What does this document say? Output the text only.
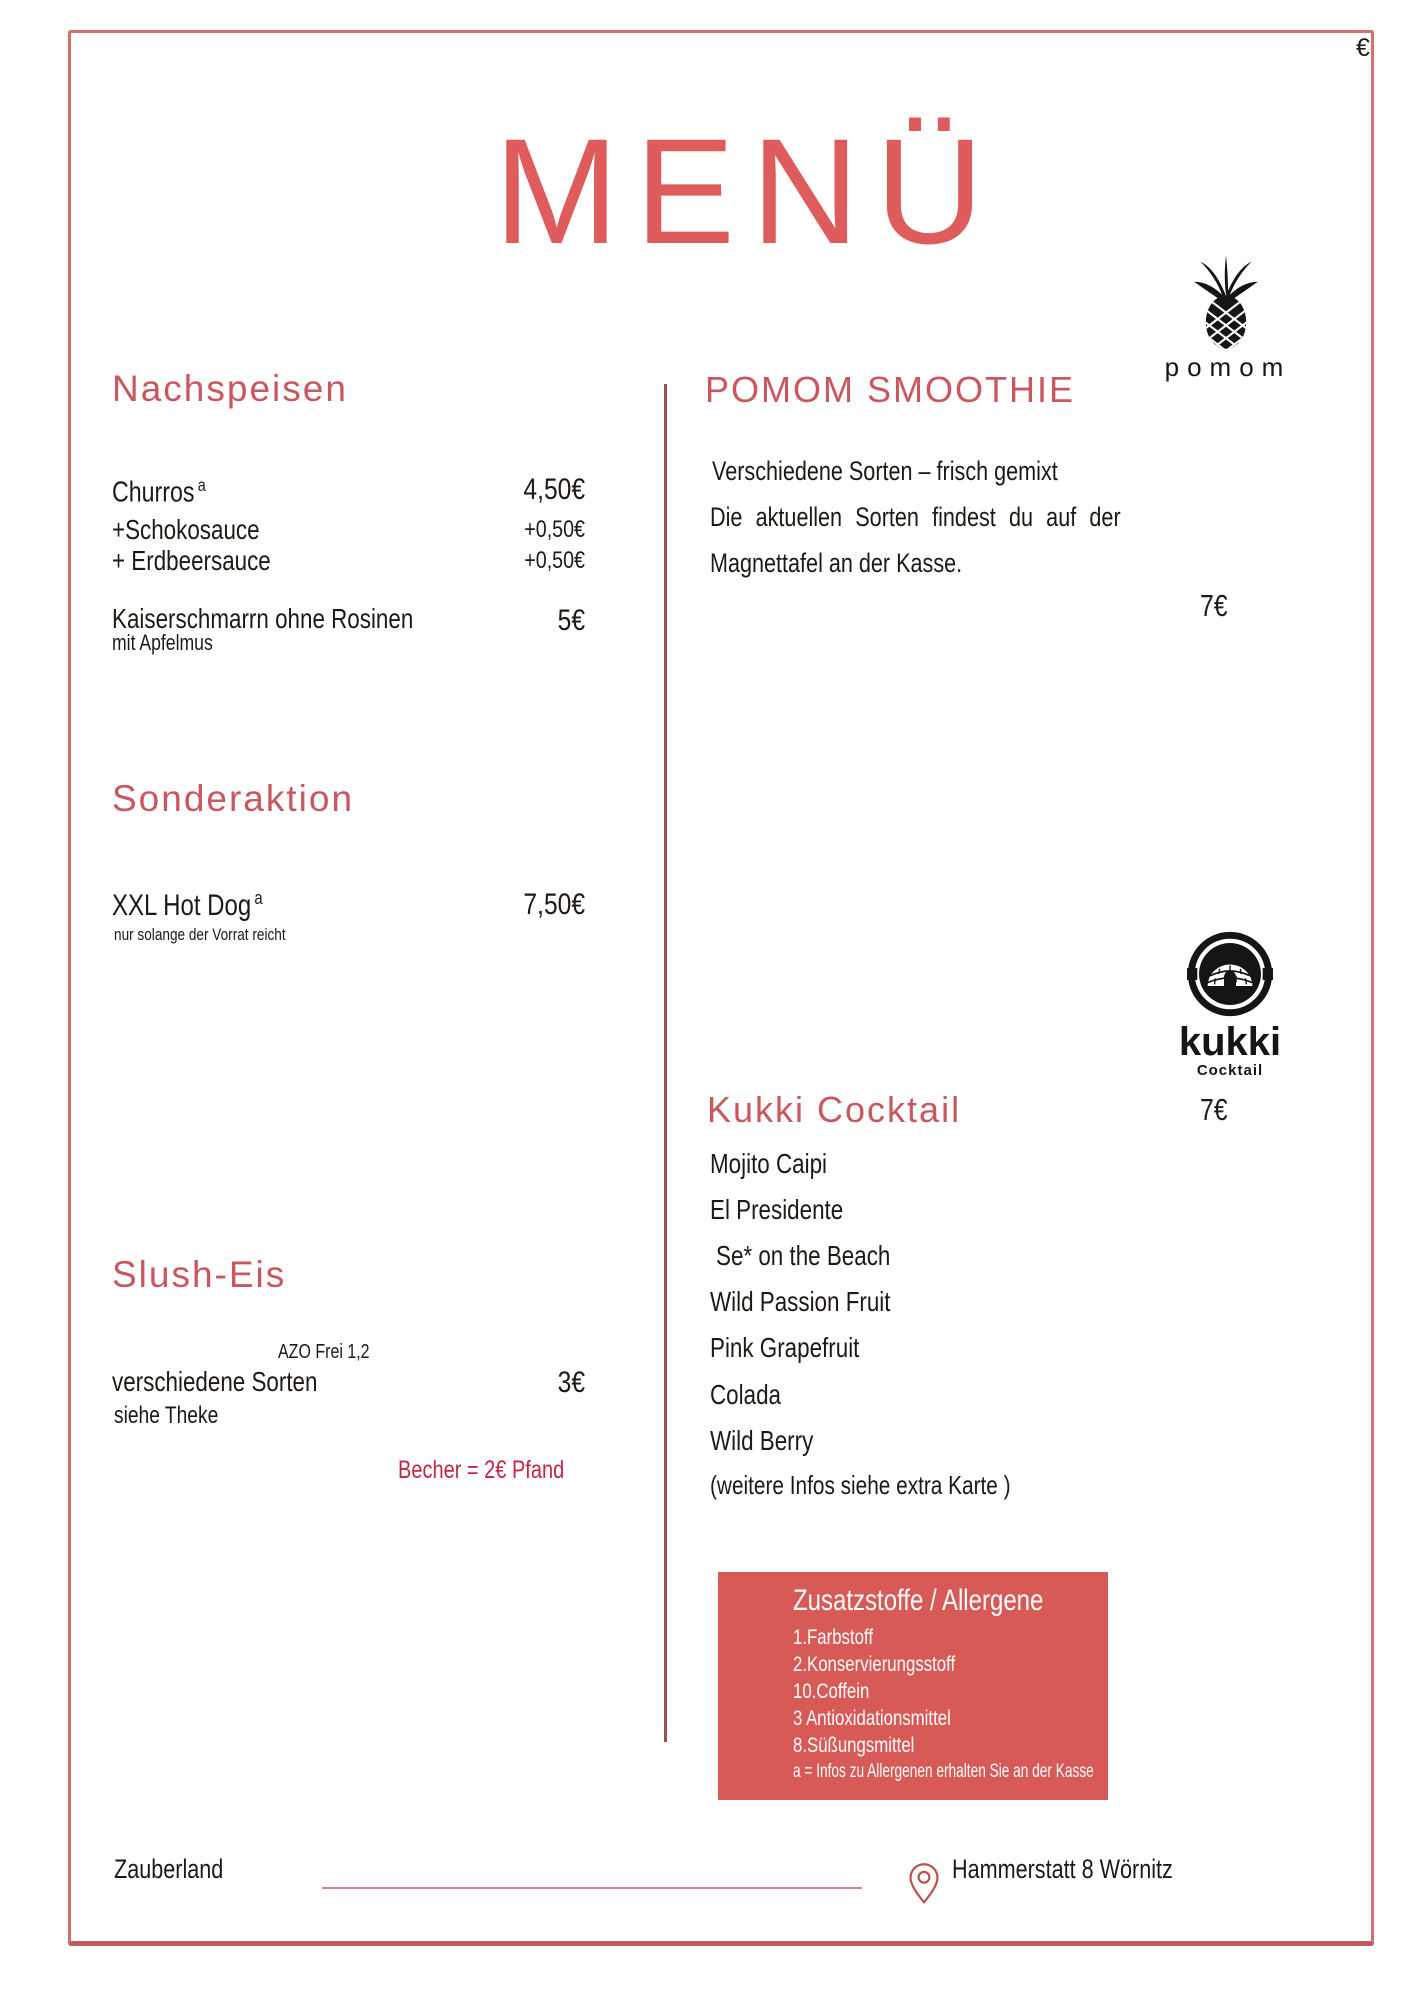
€
MENÜ
Nachspeisen
Churros $^a$	4,50€
+Schokosauce	+0,50€
+ Erdbeersauce	+0,50€
Kaiserschmarrn ohne Rosinen
mit Apfelmus
5€
Sonderaktion
XXL Hot Dog $^a$	7,50€
nur solange der Vorrat reicht
Slush-Eis
AZO Frei 1,2
verschiedene Sorten	3€
siehe Theke
Becher = 2€ Pfand
pomom
POMOM SMOOTHIE
Verschiedene Sorten – frisch gemixt
Die aktuellen Sorten findest du auf der
Magnettafel an der Kasse.
7€
kukki
Cocktail
7€
Kukki Cocktail
Mojito Caipi
El Presidente
Se* on the Beach
Wild Passion Fruit
Pink Grapefruit
Colada
Wild Berry
(weitere Infos siehe extra Karte )
Zusatzstoffe / Allergene
1.Farbstoff
2.Konservierungsstoff
10.Coffein
3 Antioxidationsmittel
8.Süßungsmittel
a = Infos zu Allergenen erhalten Sie an der Kasse
Zauberland	Hammerstatt 8 Wörnitz
